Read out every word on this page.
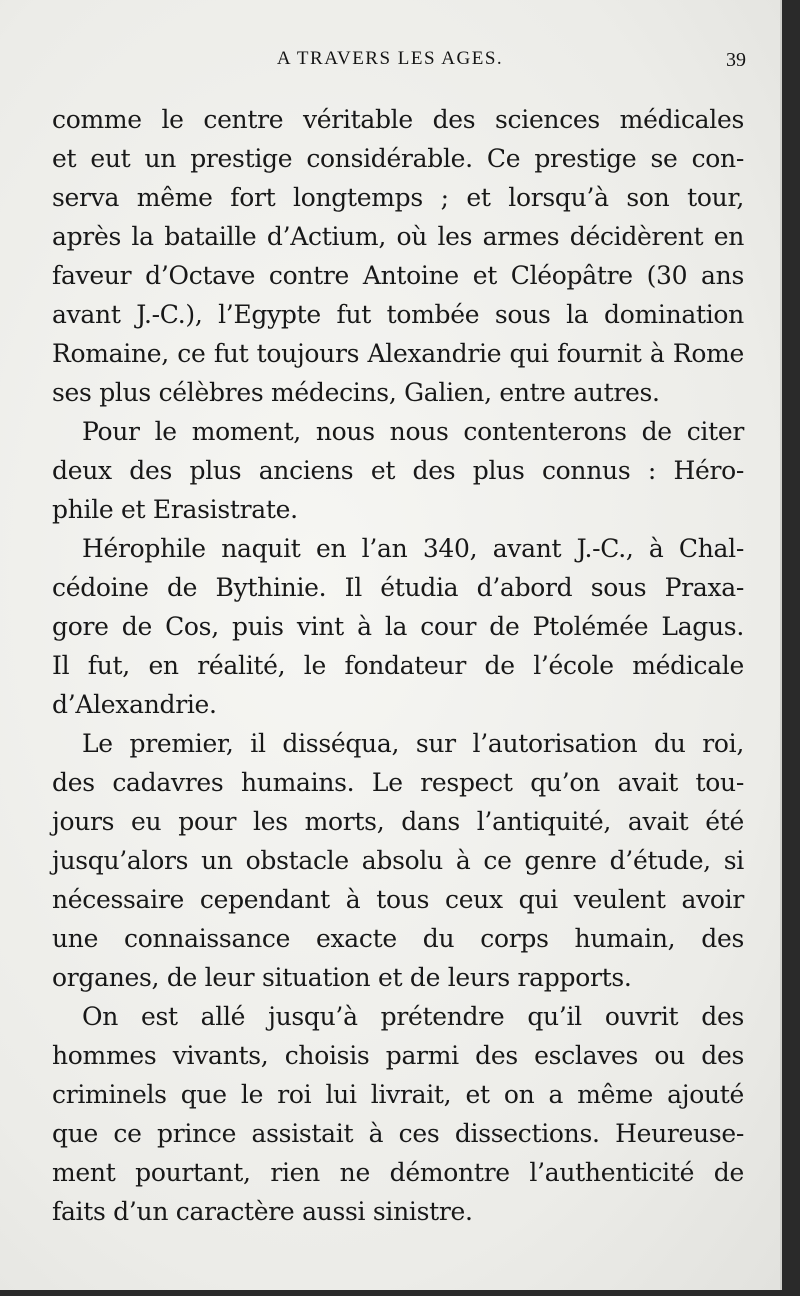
A TRAVERS LES AGES.	39
comme le centre véritable des sciences médicales
et eut un prestige considérable. Ce prestige se con-
serva même fort longtemps ; et lorsqu’à son tour,
après la bataille d’Actium, où les armes décidèrent en
faveur d’Octave contre Antoine et Cléopâtre (30 ans
avant J.-C.), l’Egypte fut tombée sous la domination
Romaine, ce fut toujours Alexandrie qui fournit à Rome
ses plus célèbres médecins, Galien, entre autres.
Pour le moment, nous nous contenterons de citer
deux des plus anciens et des plus connus : Héro-
phile et Erasistrate.
Hérophile naquit en l’an 340, avant J.-C., à Chal-
cédoine de Bythinie. Il étudia d’abord sous Praxa-
gore de Cos, puis vint à la cour de Ptolémée Lagus.
Il fut, en réalité, le fondateur de l’école médicale
d’Alexandrie.
Le premier, il disséqua, sur l’autorisation du roi,
des cadavres humains. Le respect qu’on avait tou-
jours eu pour les morts, dans l’antiquité, avait été
jusqu’alors un obstacle absolu à ce genre d’étude, si
nécessaire cependant à tous ceux qui veulent avoir
une connaissance exacte du corps humain, des
organes, de leur situation et de leurs rapports.
On est allé jusqu’à prétendre qu’il ouvrit des
hommes vivants, choisis parmi des esclaves ou des
criminels que le roi lui livrait, et on a même ajouté
que ce prince assistait à ces dissections. Heureuse-
ment pourtant, rien ne démontre l’authenticité de
faits d’un caractère aussi sinistre.
